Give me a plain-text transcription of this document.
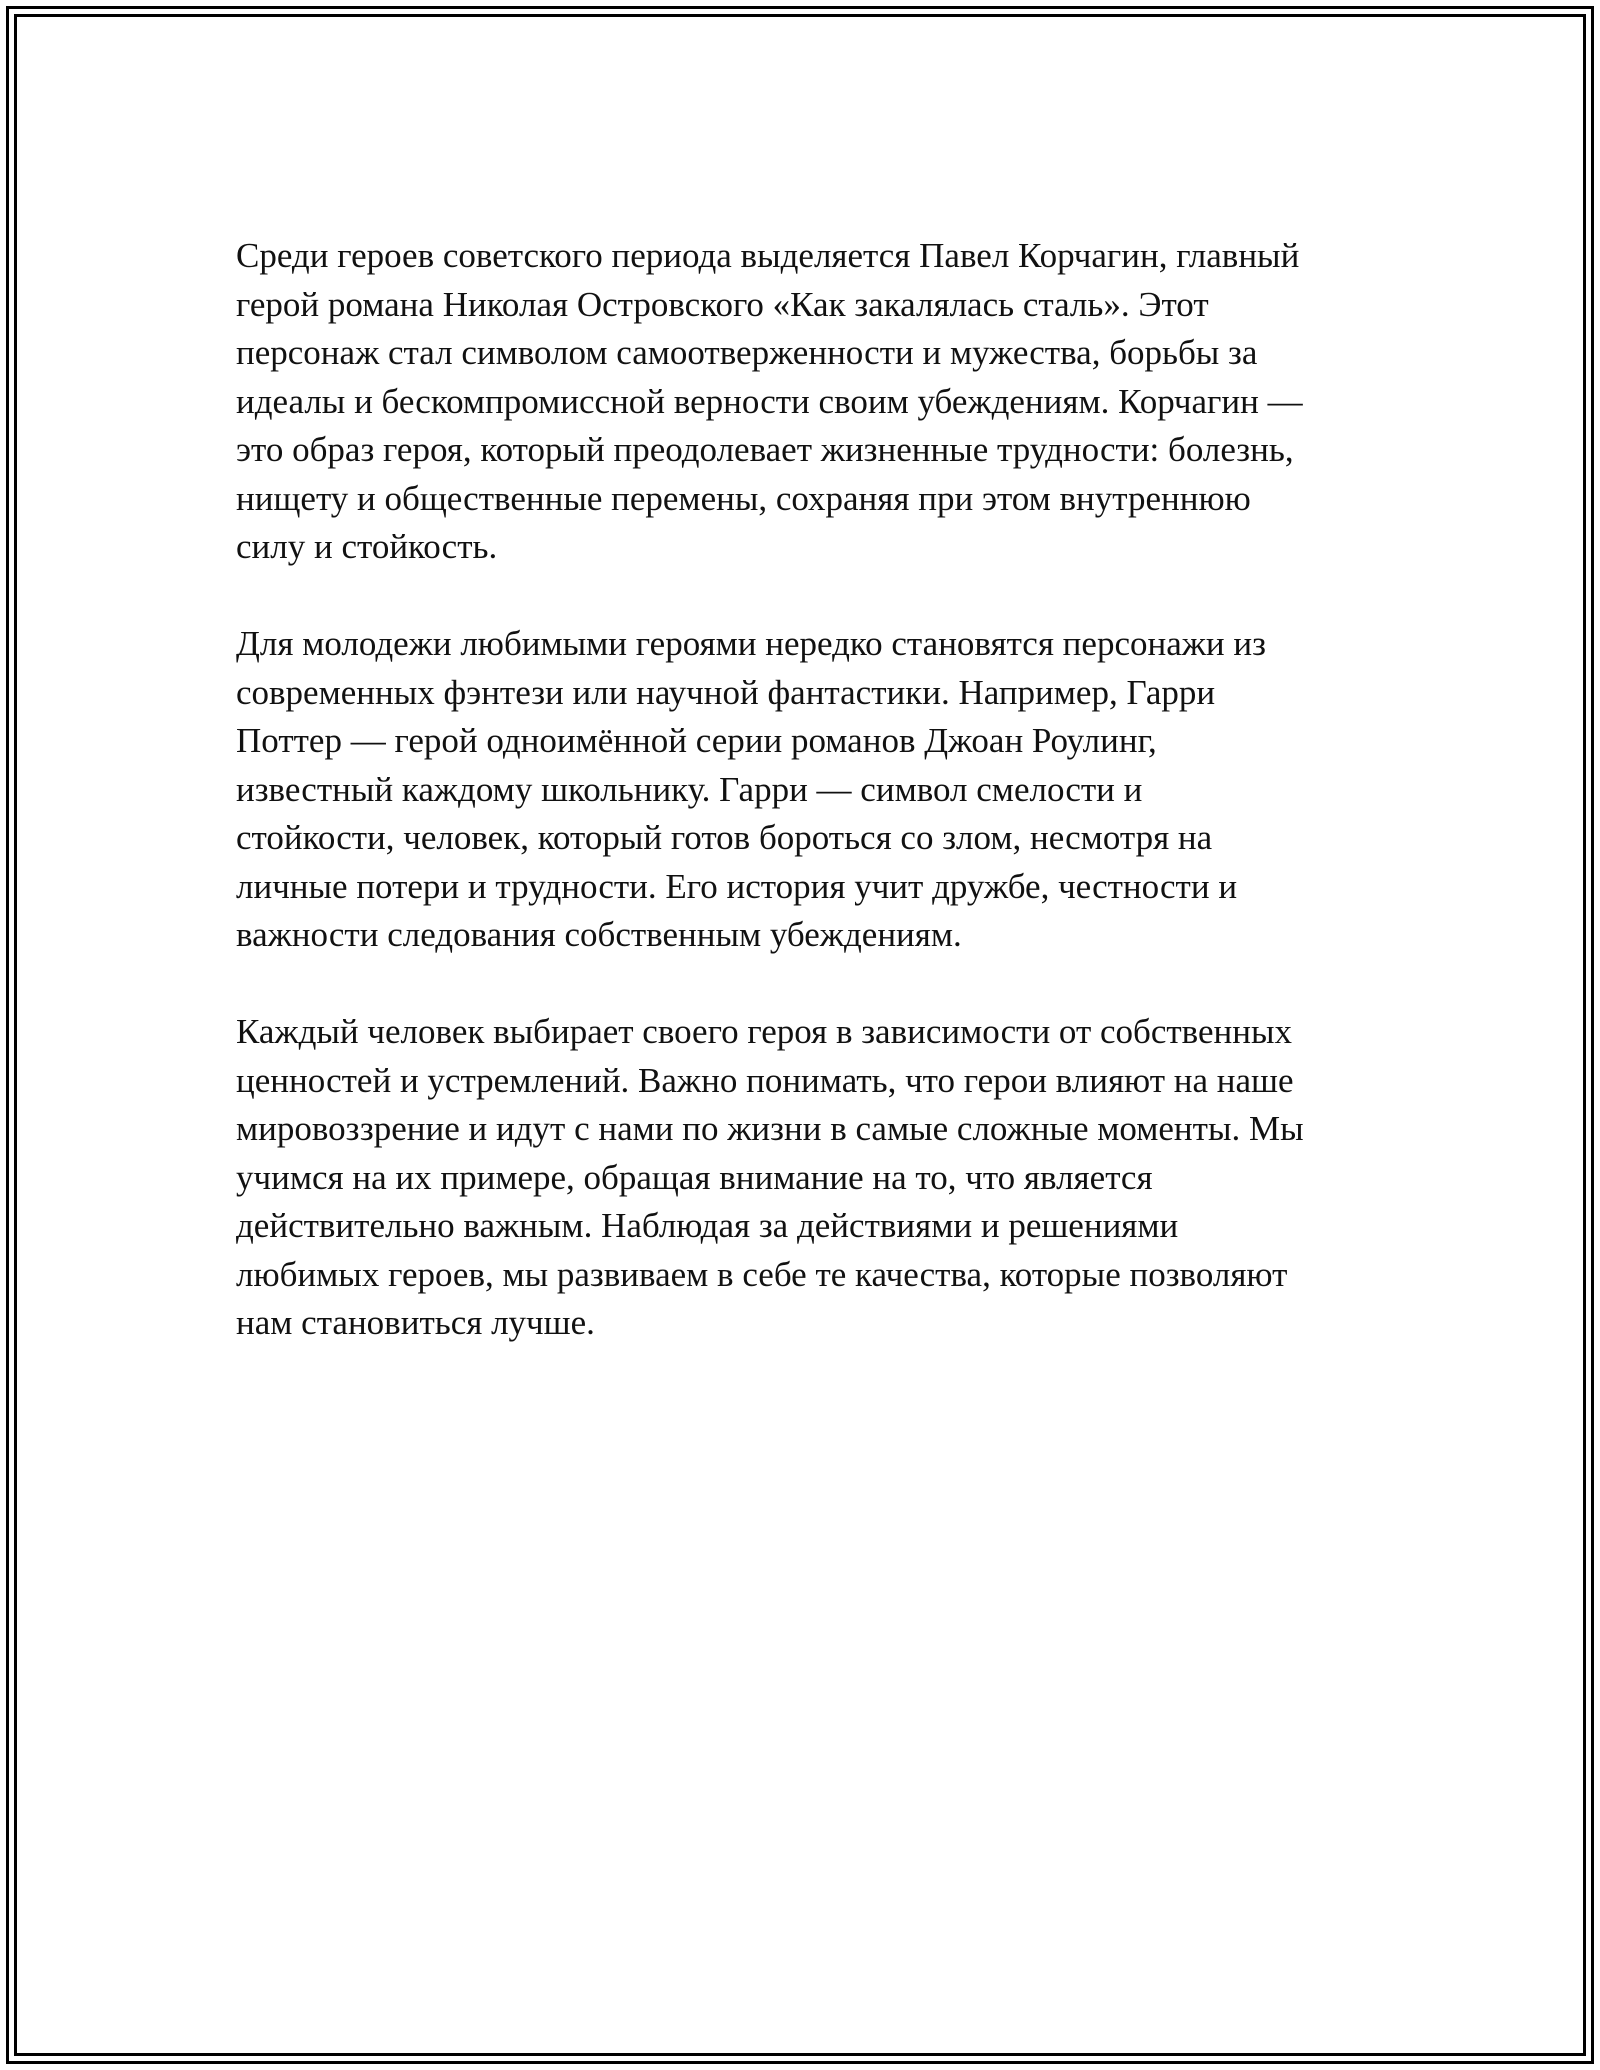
Среди героев советского периода выделяется Павел Корчагин, главный
герой романа Николая Островского «Как закалялась сталь». Этот
персонаж стал символом самоотверженности и мужества, борьбы за
идеалы и бескомпромиссной верности своим убеждениям. Корчагин —
это образ героя, который преодолевает жизненные трудности: болезнь,
нищету и общественные перемены, сохраняя при этом внутреннюю
силу и стойкость.

Для молодежи любимыми героями нередко становятся персонажи из
современных фэнтези или научной фантастики. Например, Гарри
Поттер — герой одноимённой серии романов Джоан Роулинг,
известный каждому школьнику. Гарри — символ смелости и
стойкости, человек, который готов бороться со злом, несмотря на
личные потери и трудности. Его история учит дружбе, честности и
важности следования собственным убеждениям.

Каждый человек выбирает своего героя в зависимости от собственных
ценностей и устремлений. Важно понимать, что герои влияют на наше
мировоззрение и идут с нами по жизни в самые сложные моменты. Мы
учимся на их примере, обращая внимание на то, что является
действительно важным. Наблюдая за действиями и решениями
любимых героев, мы развиваем в себе те качества, которые позволяют
нам становиться лучше.
